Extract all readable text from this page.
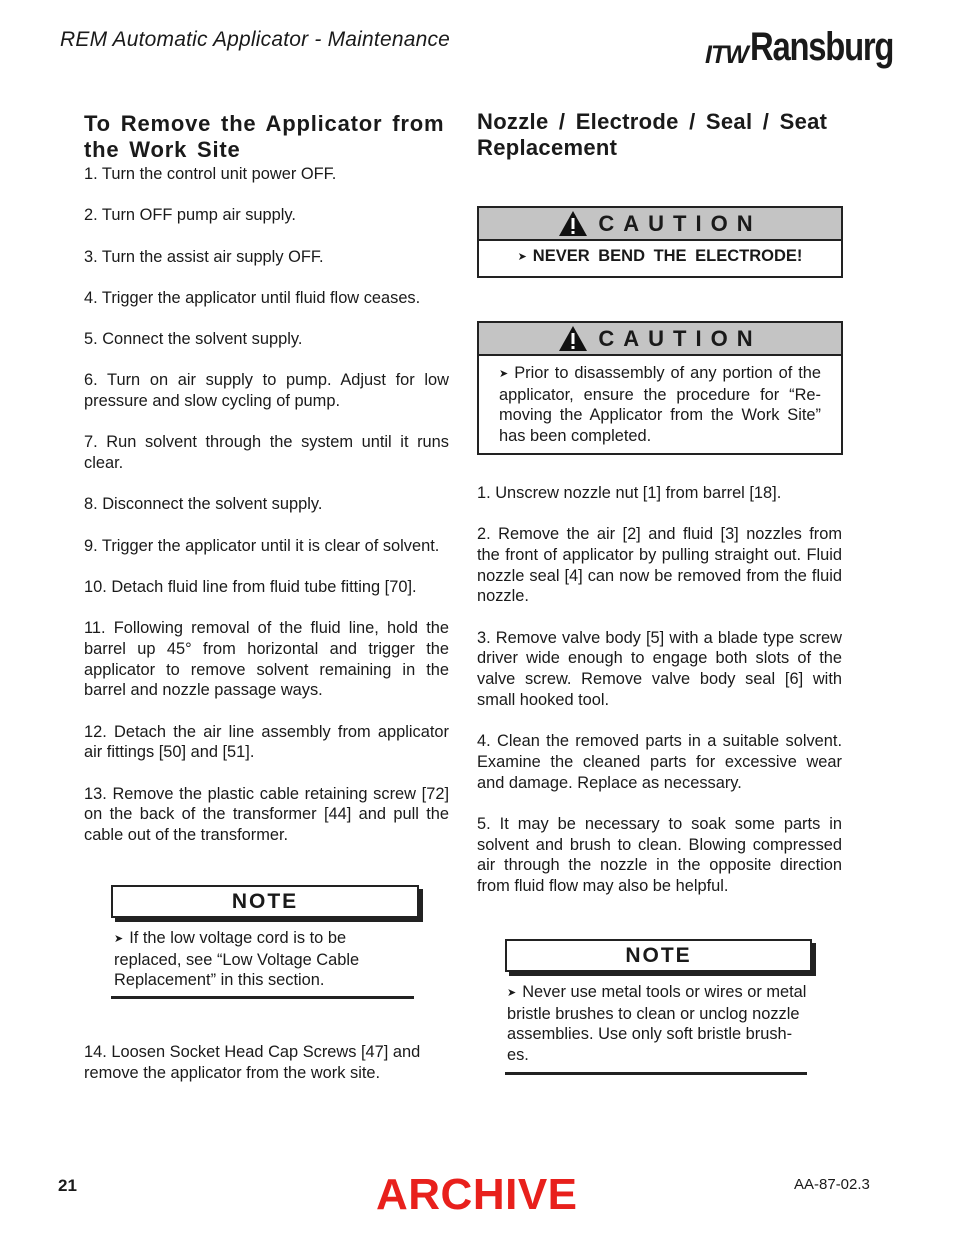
REM Automatic Applicator - Maintenance
ITW Ransburg
To Remove the Applicator from the Work Site

1. Turn the control unit power OFF.

2. Turn OFF pump air supply.

3. Turn the assist air supply OFF.

4. Trigger the applicator until fluid flow ceases.

5. Connect the solvent supply.

6. Turn on air supply to pump. Adjust for low pressure and slow cycling of pump.

7. Run solvent through the system until it runs clear.

8. Disconnect the solvent supply.

9. Trigger the applicator until it is clear of solvent.

10. Detach fluid line from fluid tube fitting [70].

11. Following removal of the fluid line, hold the barrel up 45° from horizontal and trigger the applicator to remove solvent remaining in the barrel and nozzle passage ways.

12. Detach the air line assembly from applicator air fittings [50] and [51].

13. Remove the plastic cable retaining screw [72] on the back of the transformer [44] and pull the cable out of the transformer.

NOTE
➤ If the low voltage cord is to be replaced, see “Low Voltage Cable Replacement” in this section.
14. Loosen Socket Head Cap Screws [47] and remove the applicator from the work site.
Nozzle / Electrode / Seal / Seat Replacement
CAUTION
➤ NEVER BEND THE ELECTRODE!
CAUTION
➤ Prior to disassembly of any portion of the applicator, ensure the procedure for “Re-moving the Applicator from the Work Site” has been completed.

1. Unscrew nozzle nut [1] from barrel [18].

2. Remove the air [2] and fluid [3] nozzles from the front of applicator by pulling straight out. Fluid nozzle seal [4] can now be removed from the fluid nozzle.

3. Remove valve body [5] with a blade type screw driver wide enough to engage both slots of the valve screw. Remove valve body seal [6] with small hooked tool.

4. Clean the removed parts in a suitable solvent. Examine the cleaned parts for excessive wear and damage. Replace as necessary.

5. It may be necessary to soak some parts in solvent and brush to clean. Blowing compressed air through the nozzle in the opposite direction from fluid flow may also be helpful.

NOTE
➤ Never use metal tools or wires or metal bristle brushes to clean or unclog nozzle assemblies. Use only soft bristle brush-es.
21	ARCHIVE	AA-87-02.3
